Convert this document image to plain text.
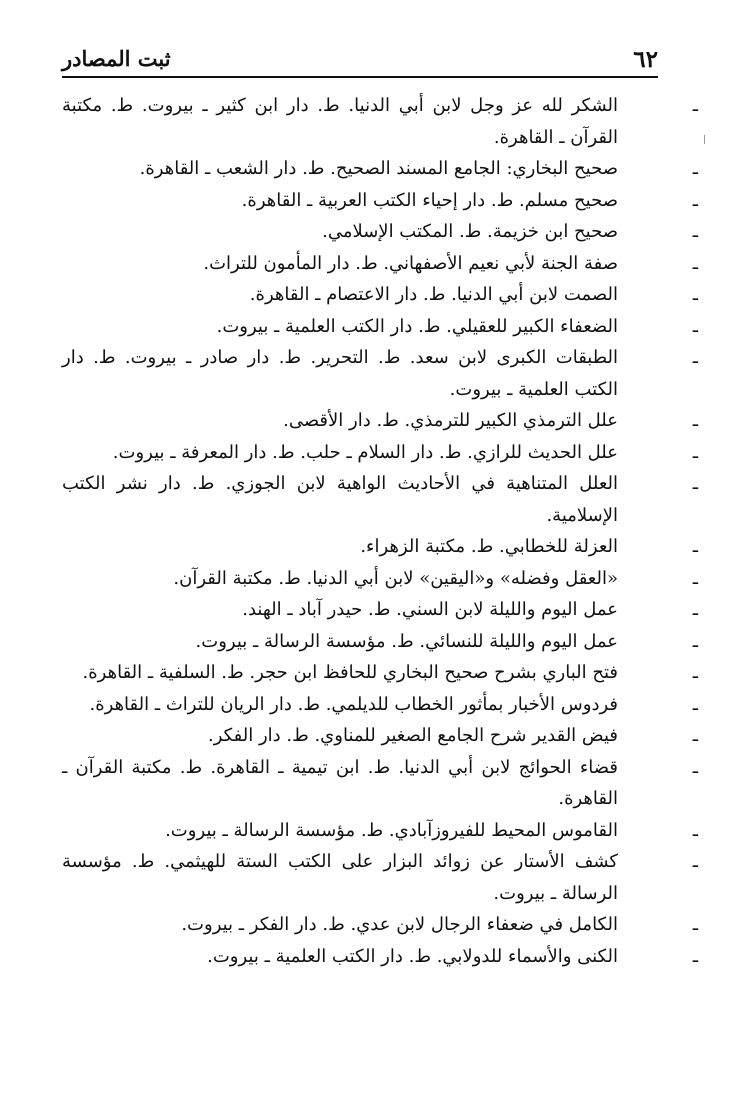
٦٢
ثبت المصادر
ـ
الشكر لله عز وجل لابن أبي الدنيا. ط. دار ابن كثير ـ بيروت. ط. مكتبة القرآن ـ القاهرة.
ـ
صحيح البخاري: الجامع المسند الصحيح. ط. دار الشعب ـ القاهرة.
ـ
صحيح مسلم. ط. دار إحياء الكتب العربية ـ القاهرة.
ـ
صحيح ابن خزيمة. ط. المكتب الإسلامي.
ـ
صفة الجنة لأبي نعيم الأصفهاني. ط. دار المأمون للتراث.
ـ
الصمت لابن أبي الدنيا. ط. دار الاعتصام ـ القاهرة.
ـ
الضعفاء الكبير للعقيلي. ط. دار الكتب العلمية ـ بيروت.
ـ
الطبقات الكبرى لابن سعد. ط. التحرير. ط. دار صادر ـ بيروت. ط. دار الكتب العلمية ـ بيروت.
ـ
علل الترمذي الكبير للترمذي. ط. دار الأقصى.
ـ
علل الحديث للرازي. ط. دار السلام ـ حلب. ط. دار المعرفة ـ بيروت.
ـ
العلل المتناهية في الأحاديث الواهية لابن الجوزي. ط. دار نشر الكتب الإسلامية.
ـ
العزلة للخطابي. ط. مكتبة الزهراء.
ـ
«العقل وفضله» و«اليقين» لابن أبي الدنيا. ط. مكتبة القرآن.
ـ
عمل اليوم والليلة لابن السني. ط. حيدر آباد ـ الهند.
ـ
عمل اليوم والليلة للنسائي. ط. مؤسسة الرسالة ـ بيروت.
ـ
فتح الباري بشرح صحيح البخاري للحافظ ابن حجر. ط. السلفية ـ القاهرة.
ـ
فردوس الأخبار بمأثور الخطاب للديلمي. ط. دار الريان للتراث ـ القاهرة.
ـ
فيض القدير شرح الجامع الصغير للمناوي. ط. دار الفكر.
ـ
قضاء الحوائج لابن أبي الدنيا. ط. ابن تيمية ـ القاهرة. ط. مكتبة القرآن ـ القاهرة.
ـ
القاموس المحيط للفيروزآبادي. ط. مؤسسة الرسالة ـ بيروت.
ـ
كشف الأستار عن زوائد البزار على الكتب الستة للهيثمي. ط. مؤسسة الرسالة ـ بيروت.
ـ
الكامل في ضعفاء الرجال لابن عدي. ط. دار الفكر ـ بيروت.
ـ
الكنى والأسماء للدولابي. ط. دار الكتب العلمية ـ بيروت.
